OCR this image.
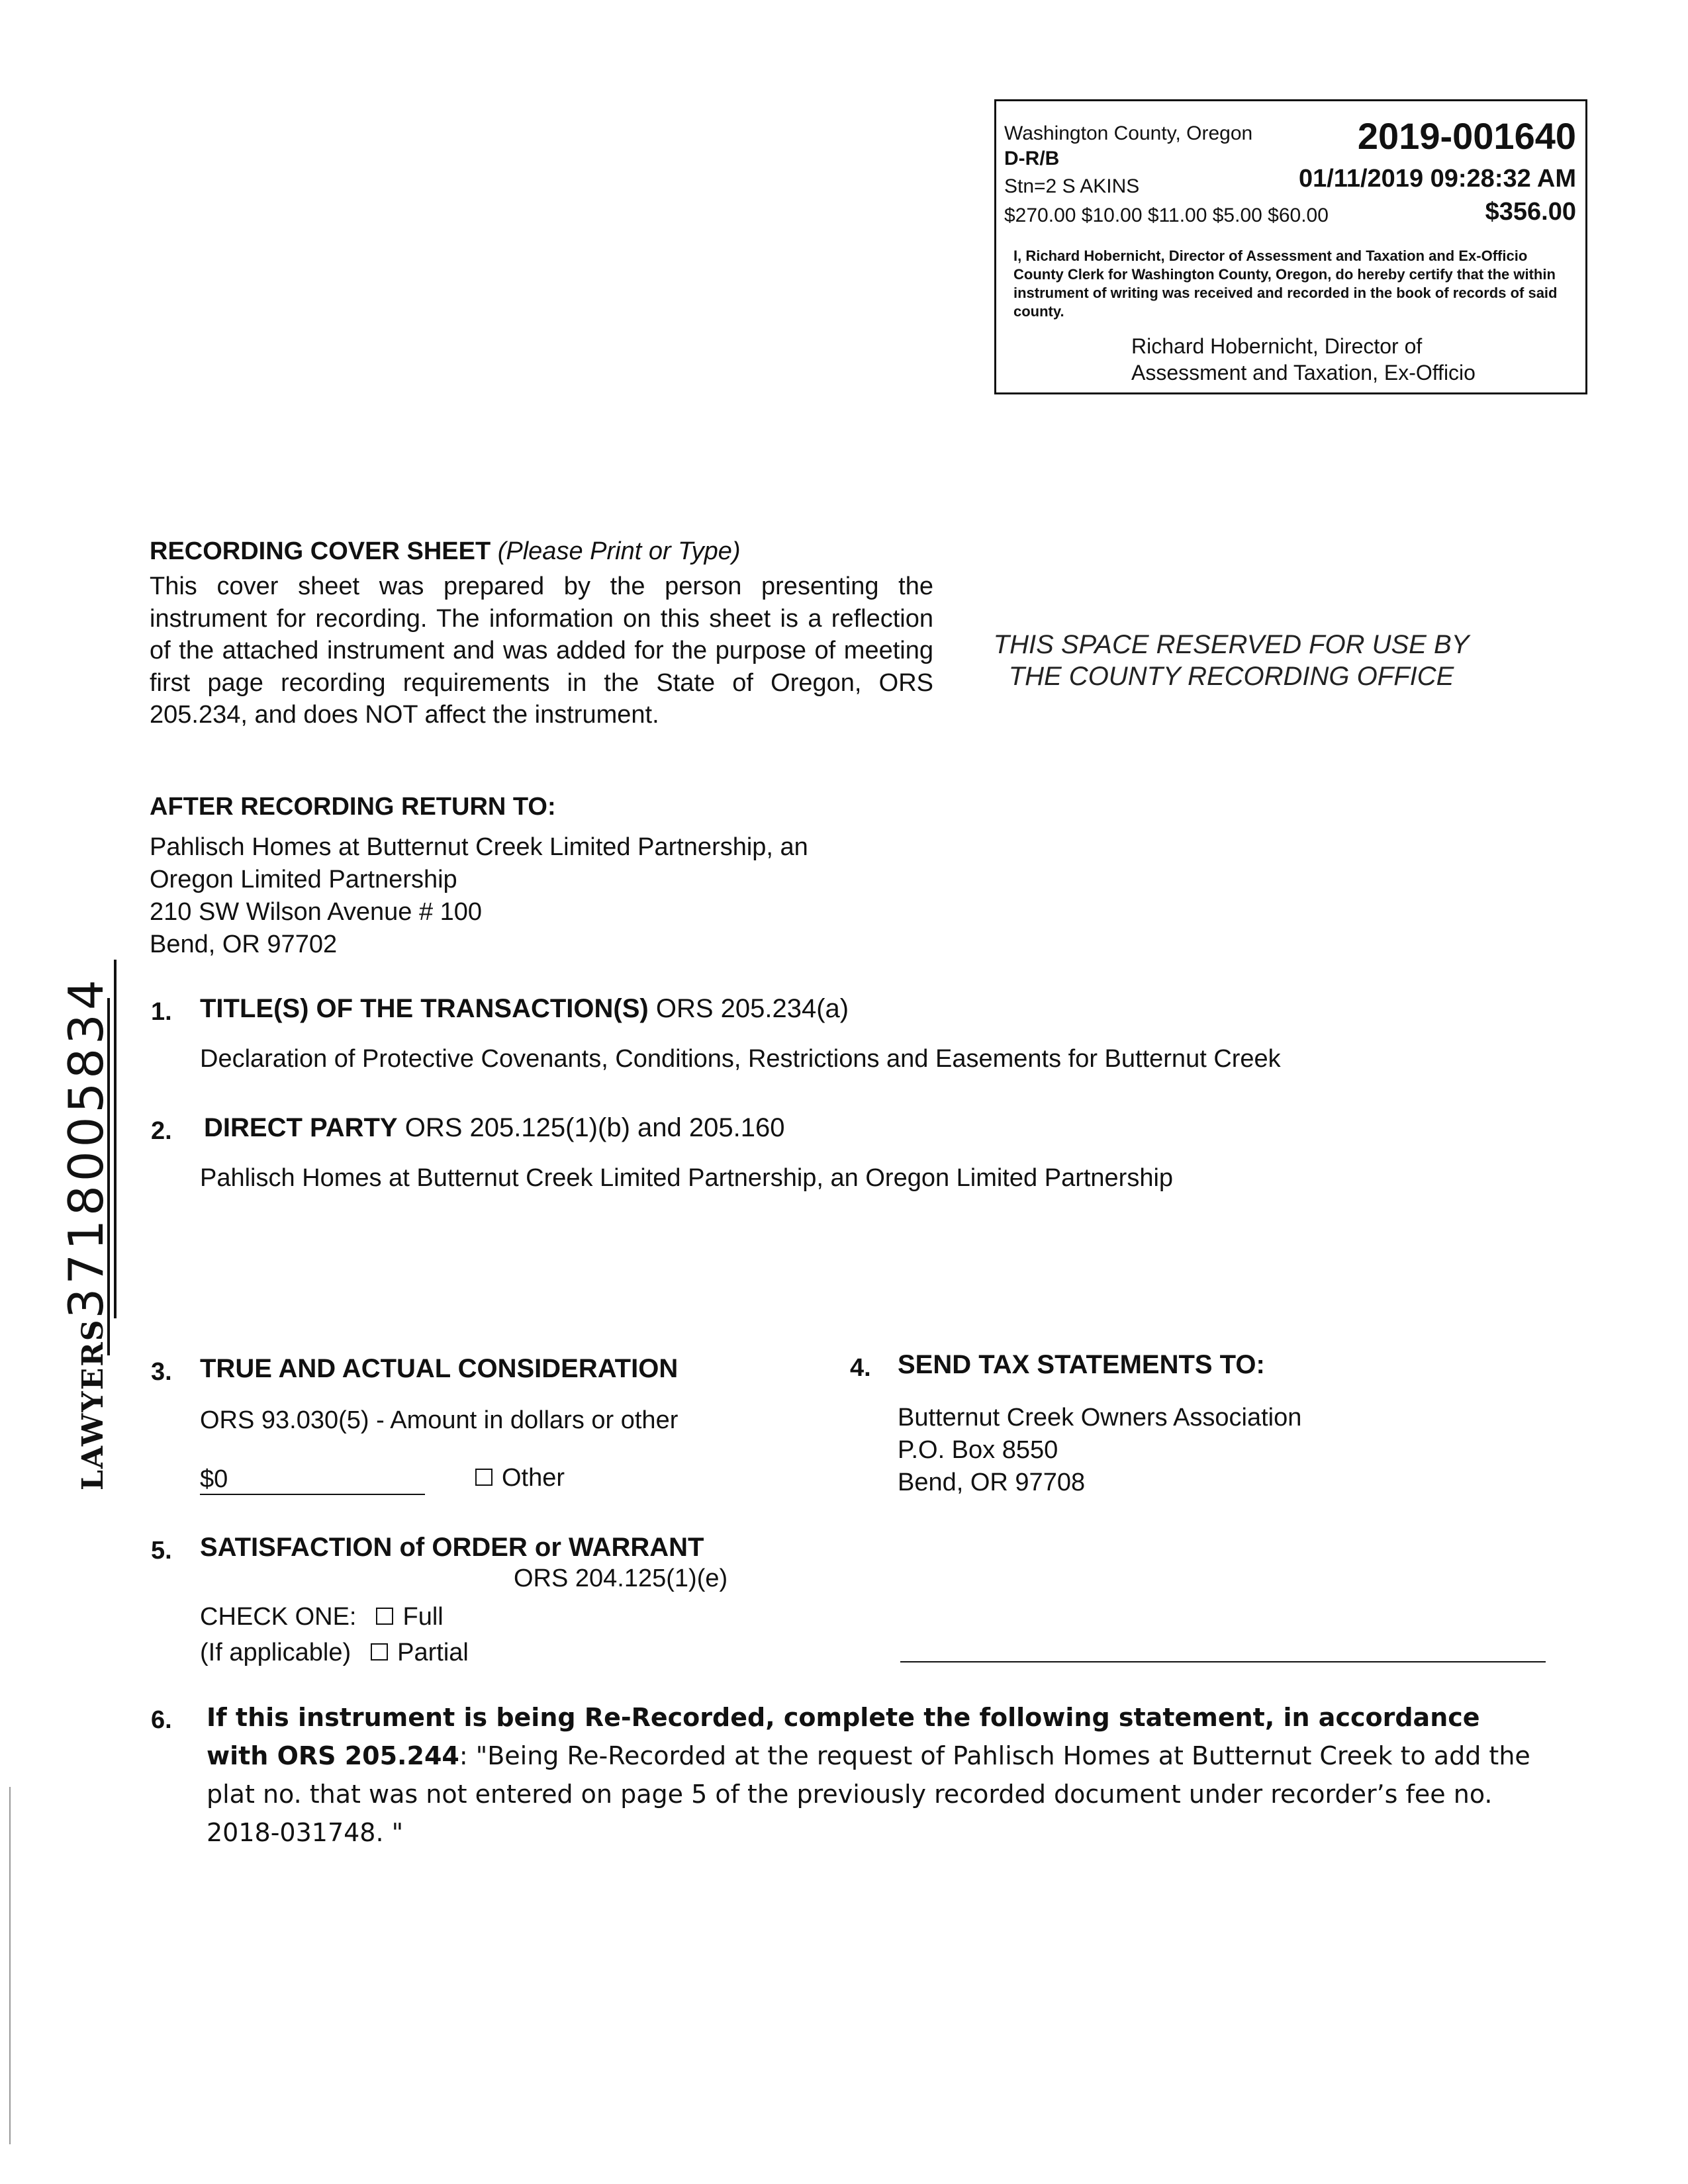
Washington County, Oregon	2019-001640
D-R/B
Stn=2 S AKINS	01/11/2019 09:28:32 AM
$270.00 $10.00 $11.00 $5.00 $60.00	$356.00
I, Richard Hobernicht, Director of Assessment and Taxation and Ex-Officio County Clerk for Washington County, Oregon, do hereby certify that the within instrument of writing was received and recorded in the book of records of said county.
Richard Hobernicht, Director of
Assessment and Taxation, Ex-Officio
THIS SPACE RESERVED FOR USE BY
THE COUNTY RECORDING OFFICE
RECORDING COVER SHEET (Please Print or Type)
This cover sheet was prepared by the person presenting the instrument for recording. The information on this sheet is a reflection of the attached instrument and was added for the purpose of meeting first page recording requirements in the State of Oregon, ORS 205.234, and does NOT affect the instrument.
AFTER RECORDING RETURN TO:
Pahlisch Homes at Butternut Creek Limited Partnership, an
Oregon Limited Partnership
210 SW Wilson Avenue # 100
Bend, OR 97702
LAWYERS3718005834 1. TITLE(S) OF THE TRANSACTION(S) ORS 205.234(a)
Declaration of Protective Covenants, Conditions, Restrictions and Easements for Butternut Creek
2. DIRECT PARTY ORS 205.125(1)(b) and 205.160
Pahlisch Homes at Butternut Creek Limited Partnership, an Oregon Limited Partnership
3. TRUE AND ACTUAL CONSIDERATION
ORS 93.030(5) - Amount in dollars or other
$0	Other
4. SEND TAX STATEMENTS TO:
Butternut Creek Owners Association
P.O. Box 8550
Bend, OR 97708
5. SATISFACTION of ORDER or WARRANT
ORS 204.125(1)(e)
CHECK ONE: Full
(If applicable) Partial
6. If this instrument is being Re-Recorded, complete the following statement, in accordance with ORS 205.244: "Being Re-Recorded at the request of Pahlisch Homes at Butternut Creek to add the plat no. that was not entered on page 5 of the previously recorded document under recorder’s fee no. 2018-031748. "
